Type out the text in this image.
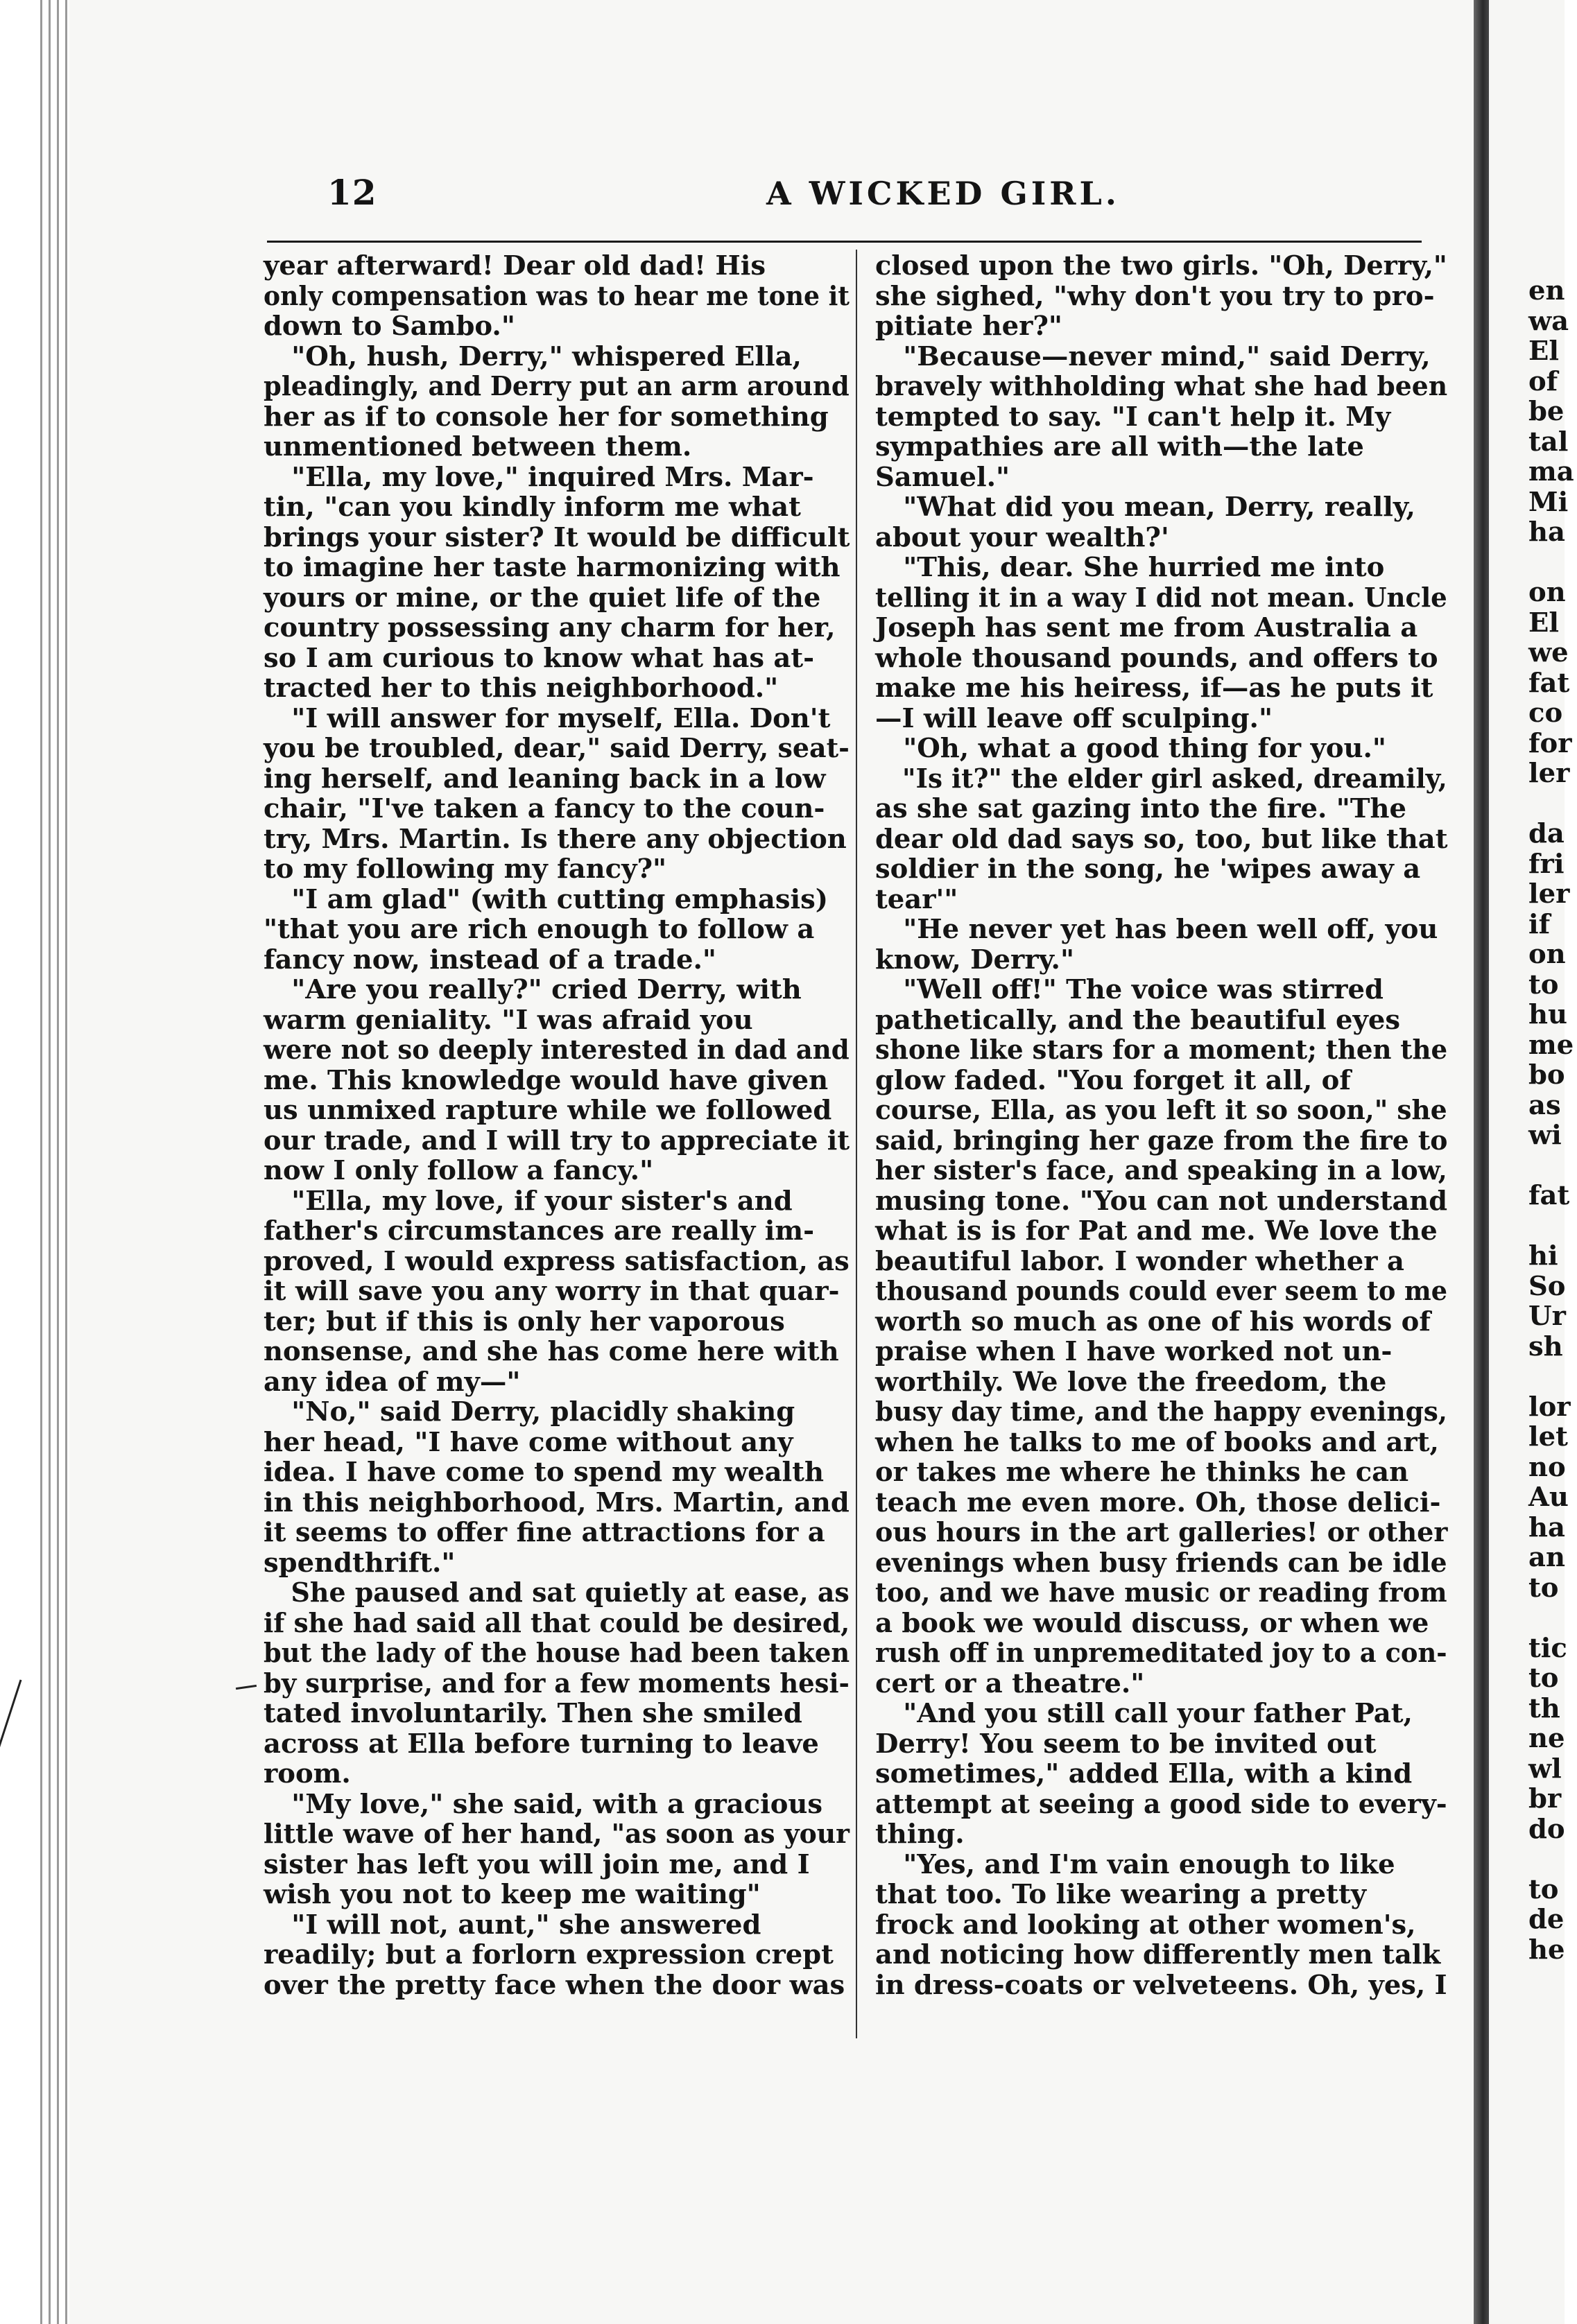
12	A WICKED GIRL.
year afterward! Dear old dad! His
only compensation was to hear me tone it
down to Sambo."
"Oh, hush, Derry," whispered Ella,
pleadingly, and Derry put an arm around
her as if to console her for something
unmentioned between them.
"Ella, my love," inquired Mrs. Mar-
tin, "can you kindly inform me what
brings your sister? It would be difficult
to imagine her taste harmonizing with
yours or mine, or the quiet life of the
country possessing any charm for her,
so I am curious to know what has at-
tracted her to this neighborhood."
"I will answer for myself, Ella. Don't
you be troubled, dear," said Derry, seat-
ing herself, and leaning back in a low
chair, "I've taken a fancy to the coun-
try, Mrs. Martin. Is there any objection
to my following my fancy?"
"I am glad" (with cutting emphasis)
"that you are rich enough to follow a
fancy now, instead of a trade."
"Are you really?" cried Derry, with
warm geniality. "I was afraid you
were not so deeply interested in dad and
me. This knowledge would have given
us unmixed rapture while we followed
our trade, and I will try to appreciate it
now I only follow a fancy."
"Ella, my love, if your sister's and
father's circumstances are really im-
proved, I would express satisfaction, as
it will save you any worry in that quar-
ter; but if this is only her vaporous
nonsense, and she has come here with
any idea of my—"
"No," said Derry, placidly shaking
her head, "I have come without any
idea. I have come to spend my wealth
in this neighborhood, Mrs. Martin, and
it seems to offer fine attractions for a
spendthrift."
She paused and sat quietly at ease, as
if she had said all that could be desired,
but the lady of the house had been taken
by surprise, and for a few moments hesi-
tated involuntarily. Then she smiled
across at Ella before turning to leave
room.
"My love," she said, with a gracious
little wave of her hand, "as soon as your
sister has left you will join me, and I
wish you not to keep me waiting"
"I will not, aunt," she answered
readily; but a forlorn expression crept
over the pretty face when the door was
closed upon the two girls. "Oh, Derry,"
she sighed, "why don't you try to pro-
pitiate her?"
"Because—never mind," said Derry,
bravely withholding what she had been
tempted to say. "I can't help it. My
sympathies are all with—the late
Samuel."
"What did you mean, Derry, really,
about your wealth?'
"This, dear. She hurried me into
telling it in a way I did not mean. Uncle
Joseph has sent me from Australia a
whole thousand pounds, and offers to
make me his heiress, if—as he puts it
—I will leave off sculping."
"Oh, what a good thing for you."
"Is it?" the elder girl asked, dreamily,
as she sat gazing into the fire. "The
dear old dad says so, too, but like that
soldier in the song, he 'wipes away a
tear'"
"He never yet has been well off, you
know, Derry."
"Well off!" The voice was stirred
pathetically, and the beautiful eyes
shone like stars for a moment; then the
glow faded. "You forget it all, of
course, Ella, as you left it so soon," she
said, bringing her gaze from the fire to
her sister's face, and speaking in a low,
musing tone. "You can not understand
what is is for Pat and me. We love the
beautiful labor. I wonder whether a
thousand pounds could ever seem to me
worth so much as one of his words of
praise when I have worked not un-
worthily. We love the freedom, the
busy day time, and the happy evenings,
when he talks to me of books and art,
or takes me where he thinks he can
teach me even more. Oh, those delici-
ous hours in the art galleries! or other
evenings when busy friends can be idle
too, and we have music or reading from
a book we would discuss, or when we
rush off in unpremeditated joy to a con-
cert or a theatre."
"And you still call your father Pat,
Derry! You seem to be invited out
sometimes," added Ella, with a kind
attempt at seeing a good side to every-
thing.
"Yes, and I'm vain enough to like
that too. To like wearing a pretty
frock and looking at other women's,
and noticing how differently men talk
in dress-coats or velveteens. Oh, yes, I
en
wa
El
of
be
tal
ma
Mi
ha
on
El
we
fat
co
for
ler
da
fri
ler
if
on
to
hu
me
bo
as
wi
fat
hi
So
Ur
sh
lor
let
no
Au
ha
an
to
tic
to
th
ne
wl
br
do
to
de
he
